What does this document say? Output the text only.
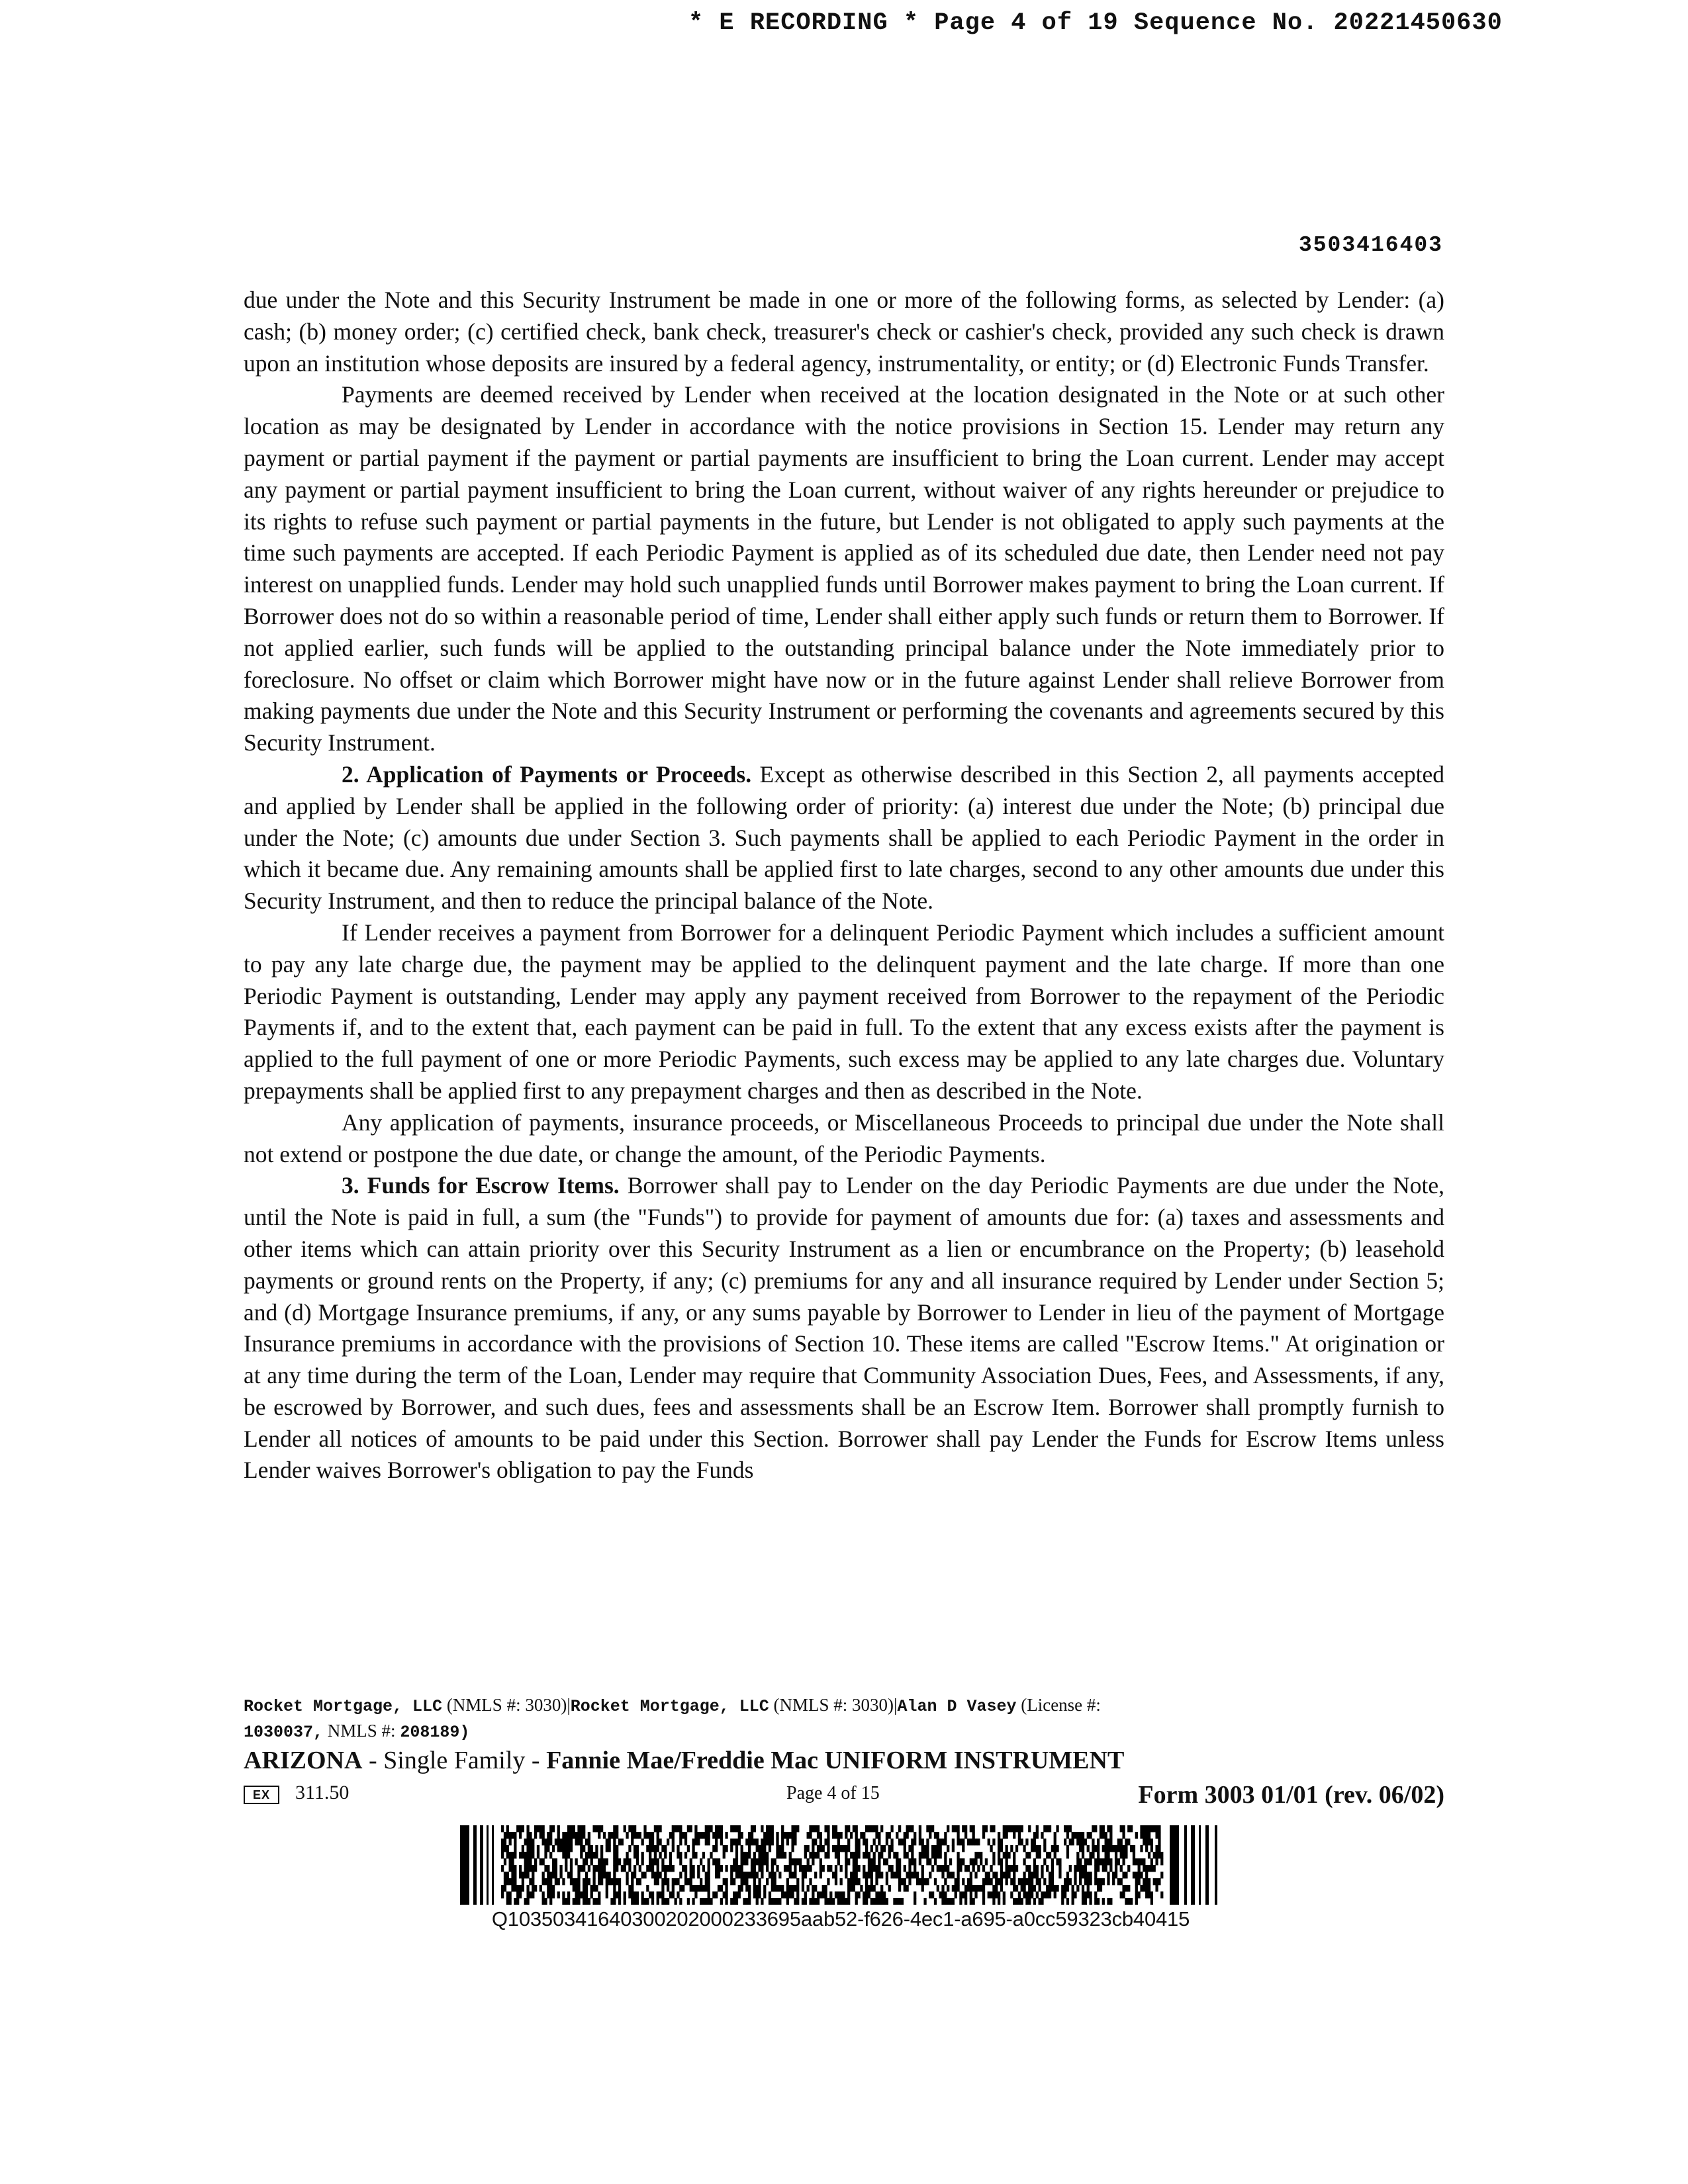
* E RECORDING * Page 4 of 19 Sequence No. 20221450630
3503416403

due under the Note and this Security Instrument be made in one or more of the following forms, as selected by Lender: (a) cash; (b) money order; (c) certified check, bank check, treasurer's check or cashier's check, provided any such check is drawn upon an institution whose deposits are insured by a federal agency, instrumentality, or entity; or (d) Electronic Funds Transfer.

Payments are deemed received by Lender when received at the location designated in the Note or at such other location as may be designated by Lender in accordance with the notice provisions in Section 15. Lender may return any payment or partial payment if the payment or partial payments are insufficient to bring the Loan current. Lender may accept any payment or partial payment insufficient to bring the Loan current, without waiver of any rights hereunder or prejudice to its rights to refuse such payment or partial payments in the future, but Lender is not obligated to apply such payments at the time such payments are accepted. If each Periodic Payment is applied as of its scheduled due date, then Lender need not pay interest on unapplied funds. Lender may hold such unapplied funds until Borrower makes payment to bring the Loan current. If Borrower does not do so within a reasonable period of time, Lender shall either apply such funds or return them to Borrower. If not applied earlier, such funds will be applied to the outstanding principal balance under the Note immediately prior to foreclosure. No offset or claim which Borrower might have now or in the future against Lender shall relieve Borrower from making payments due under the Note and this Security Instrument or performing the covenants and agreements secured by this Security Instrument.

2. Application of Payments or Proceeds. Except as otherwise described in this Section 2, all payments accepted and applied by Lender shall be applied in the following order of priority: (a) interest due under the Note; (b) principal due under the Note; (c) amounts due under Section 3. Such payments shall be applied to each Periodic Payment in the order in which it became due. Any remaining amounts shall be applied first to late charges, second to any other amounts due under this Security Instrument, and then to reduce the principal balance of the Note.

If Lender receives a payment from Borrower for a delinquent Periodic Payment which includes a sufficient amount to pay any late charge due, the payment may be applied to the delinquent payment and the late charge. If more than one Periodic Payment is outstanding, Lender may apply any payment received from Borrower to the repayment of the Periodic Payments if, and to the extent that, each payment can be paid in full. To the extent that any excess exists after the payment is applied to the full payment of one or more Periodic Payments, such excess may be applied to any late charges due. Voluntary prepayments shall be applied first to any prepayment charges and then as described in the Note.

Any application of payments, insurance proceeds, or Miscellaneous Proceeds to principal due under the Note shall not extend or postpone the due date, or change the amount, of the Periodic Payments.

3. Funds for Escrow Items. Borrower shall pay to Lender on the day Periodic Payments are due under the Note, until the Note is paid in full, a sum (the "Funds") to provide for payment of amounts due for: (a) taxes and assessments and other items which can attain priority over this Security Instrument as a lien or encumbrance on the Property; (b) leasehold payments or ground rents on the Property, if any; (c) premiums for any and all insurance required by Lender under Section 5; and (d) Mortgage Insurance premiums, if any, or any sums payable by Borrower to Lender in lieu of the payment of Mortgage Insurance premiums in accordance with the provisions of Section 10. These items are called "Escrow Items." At origination or at any time during the term of the Loan, Lender may require that Community Association Dues, Fees, and Assessments, if any, be escrowed by Borrower, and such dues, fees and assessments shall be an Escrow Item. Borrower shall promptly furnish to Lender all notices of amounts to be paid under this Section. Borrower shall pay Lender the Funds for Escrow Items unless Lender waives Borrower's obligation to pay the Funds

Rocket Mortgage, LLC (NMLS #: 3030)|Rocket Mortgage, LLC (NMLS #: 3030)|Alan D Vasey (License #:
1030037, NMLS #: 208189)
ARIZONA - Single Family - Fannie Mae/Freddie Mac UNIFORM INSTRUMENT
EX	311.50	Page 4 of 15	Form 3003 01/01 (rev. 06/02)
Q10350341640300202000233695aab52-f626-4ec1-a695-a0cc59323cb40415
